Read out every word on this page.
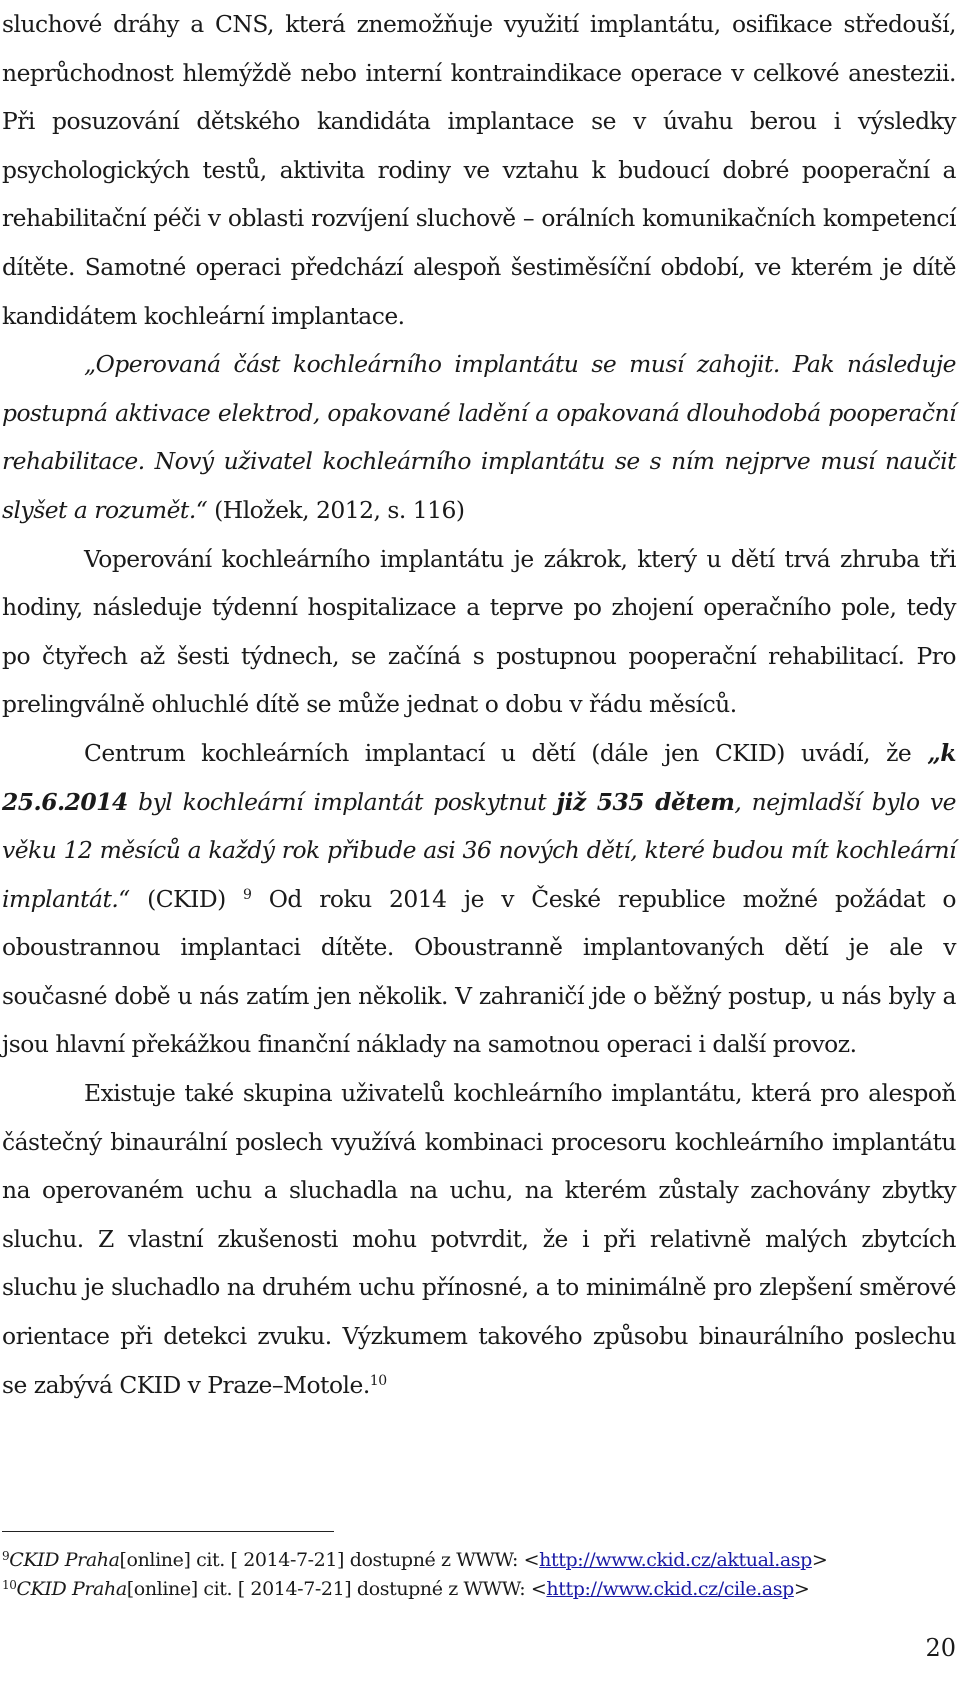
sluchové dráhy a CNS, která znemožňuje využití implantátu, osifikace středouší, neprůchodnost hlemýždě nebo interní kontraindikace operace v celkové anestezii. Při posuzování dětského kandidáta implantace se v úvahu berou i výsledky psychologických testů, aktivita rodiny ve vztahu k budoucí dobré pooperační a rehabilitační péči v oblasti rozvíjení sluchově – orálních komunikačních kompetencí dítěte. Samotné operaci předchází alespoň šestiměsíční období, ve kterém je dítě kandidátem kochleární implantace.

„Operovaná část kochleárního implantátu se musí zahojit. Pak následuje postupná aktivace elektrod, opakované ladění a opakovaná dlouhodobá pooperační rehabilitace. Nový uživatel kochleárního implantátu se s ním nejprve musí naučit slyšet a rozumět.“ (Hložek, 2012, s. 116)

Voperování kochleárního implantátu je zákrok, který u dětí trvá zhruba tři hodiny, následuje týdenní hospitalizace a teprve po zhojení operačního pole, tedy po čtyřech až šesti týdnech, se začíná s postupnou pooperační rehabilitací. Pro prelingválně ohluchlé dítě se může jednat o dobu v řádu měsíců.

Centrum kochleárních implantací u dětí (dále jen CKID) uvádí, že „k 25.6.2014 byl kochleární implantát poskytnut již 535 dětem, nejmladší bylo ve věku 12 měsíců a každý rok přibude asi 36 nových dětí, které budou mít kochleární implantát.“ (CKID) $^9$ Od roku 2014 je v České republice možné požádat o oboustrannou implantaci dítěte. Oboustranně implantovaných dětí je ale v současné době u nás zatím jen několik. V zahraničí jde o běžný postup, u nás byly a jsou hlavní překážkou finanční náklady na samotnou operaci i další provoz.

Existuje také skupina uživatelů kochleárního implantátu, která pro alespoň částečný binaurální poslech využívá kombinaci procesoru kochleárního implantátu na operovaném uchu a sluchadla na uchu, na kterém zůstaly zachovány zbytky sluchu. Z vlastní zkušenosti mohu potvrdit, že i při relativně malých zbytcích sluchu je sluchadlo na druhém uchu přínosné, a to minimálně pro zlepšení směrové orientace při detekci zvuku. Výzkumem takového způsobu binaurálního poslechu se zabývá CKID v Praze–Motole.$^{10}$

$^9$CKID Praha[online] cit. [ 2014-7-21] dostupné z WWW: <http://www.ckid.cz/aktual.asp>

$^{10}$CKID Praha[online] cit. [ 2014-7-21] dostupné z WWW: <http://www.ckid.cz/cile.asp>

20
